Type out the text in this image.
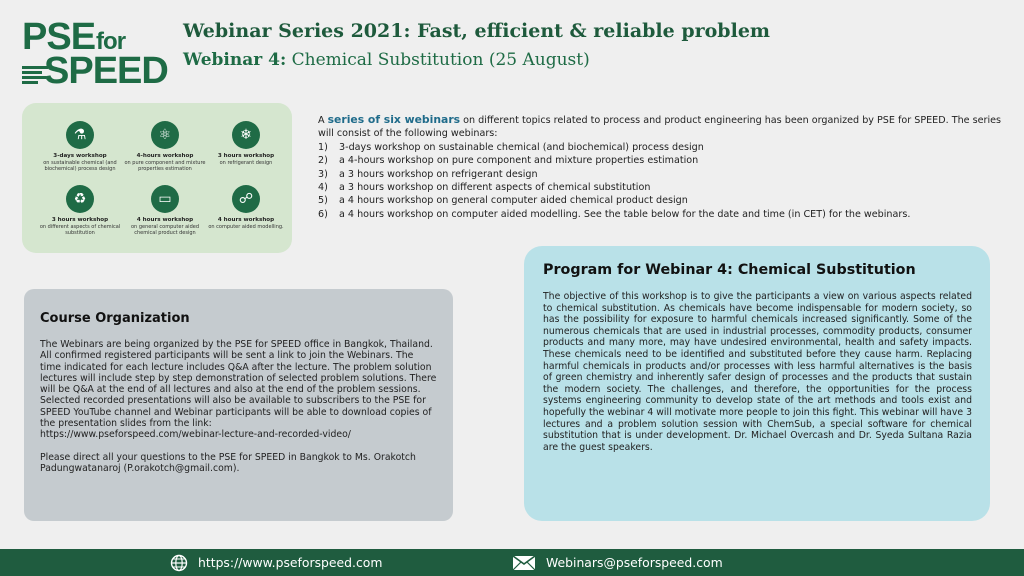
PSEfor
SPEED
Webinar Series 2021: Fast, efficient & reliable problem
Webinar 4: Chemical Substitution (25 August)
⚗
3-days workshop
on sustainable chemical (and biochemical) process design
⚛
4-hours workshop
on pure component and mixture properties estimation
❄
3 hours workshop
on refrigerant design
♻
3 hours workshop
on different aspects of chemical substitution
▭
4 hours workshop
on general computer aided chemical product design
☍
4 hours workshop
on computer aided modelling.
A series of six webinars on different topics related to process and product engineering has been organized by PSE for SPEED. The series will consist of the following webinars:
1)	3-days workshop on sustainable chemical (and biochemical) process design
2)	a 4-hours workshop on pure component and mixture properties estimation
3)	a 3 hours workshop on refrigerant design
4)	a 3 hours workshop on different aspects of chemical substitution
5)	a 4 hours workshop on general computer aided chemical product design
6)	a 4 hours workshop on computer aided modelling. See the table below for the date and time (in CET) for the webinars.
Course Organization

The Webinars are being organized by the PSE for SPEED office in Bangkok, Thailand. All confirmed registered participants will be sent a link to join the Webinars. The time indicated for each lecture includes Q&A after the lecture. The problem solution lectures will include step by step demonstration of selected problem solutions. There will be Q&A at the end of all lectures and also at the end of the problem sessions. Selected recorded presentations will also be available to subscribers to the PSE for SPEED YouTube channel and Webinar participants will be able to download copies of the presentation slides from the link:

https://www.pseforspeed.com/webinar-lecture-and-recorded-video/

Please direct all your questions to the PSE for SPEED in Bangkok to Ms. Orakotch Padungwatanaroj (P.orakotch@gmail.com).

Program for Webinar 4: Chemical Substitution

The objective of this workshop is to give the participants a view on various aspects related to chemical substitution. As chemicals have become indispensable for modern society, so has the possibility for exposure to harmful chemicals increased significantly. Some of the numerous chemicals that are used in industrial processes, commodity products, consumer products and many more, may have undesired environmental, health and safety impacts. These chemicals need to be identified and substituted before they cause harm. Replacing harmful chemicals in products and/or processes with less harmful alternatives is the basis of green chemistry and inherently safer design of processes and the products that sustain the modern society. The challenges, and therefore, the opportunities for the process systems engineering community to develop state of the art methods and tools exist and hopefully the webinar 4 will motivate more people to join this fight. This webinar will have 3 lectures and a problem solution session with ChemSub, a special software for chemical substitution that is under development. Dr. Michael Overcash and Dr. Syeda Sultana Razia are the guest speakers.

https://www.pseforspeed.com	Webinars@pseforspeed.com
